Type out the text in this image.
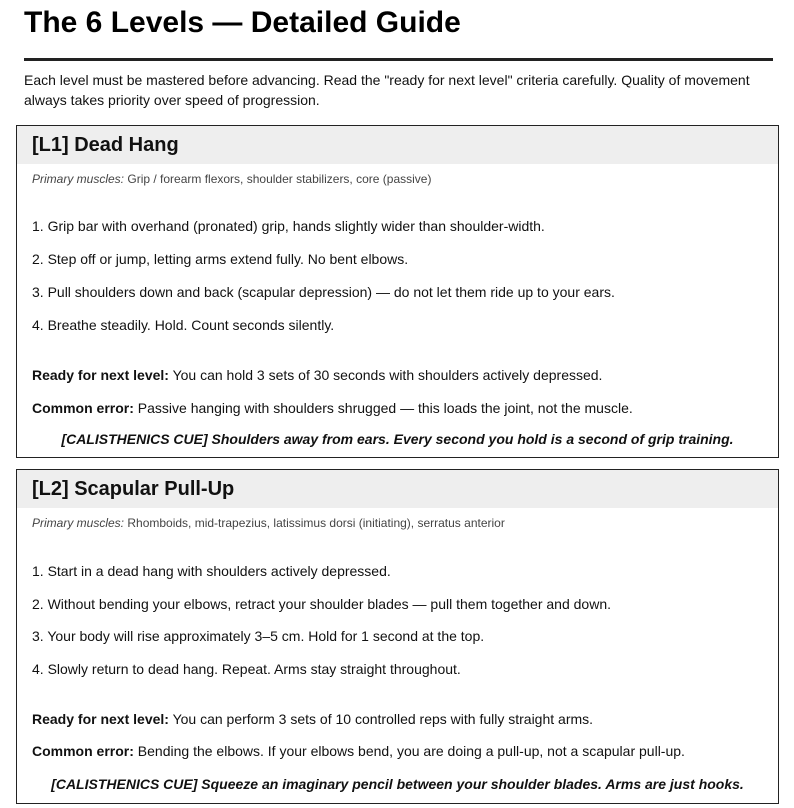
The 6 Levels — Detailed Guide

Each level must be mastered before advancing. Read the "ready for next level" criteria carefully. Quality of movement always takes priority over speed of progression.

[L1] Dead Hang
Primary muscles: Grip / forearm flexors, shoulder stabilizers, core (passive)
1. Grip bar with overhand (pronated) grip, hands slightly wider than shoulder-width.
2. Step off or jump, letting arms extend fully. No bent elbows.
3. Pull shoulders down and back (scapular depression) — do not let them ride up to your ears.
4. Breathe steadily. Hold. Count seconds silently.
Ready for next level: You can hold 3 sets of 30 seconds with shoulders actively depressed.
Common error: Passive hanging with shoulders shrugged — this loads the joint, not the muscle.
[CALISTHENICS CUE] Shoulders away from ears. Every second you hold is a second of grip training.
[L2] Scapular Pull-Up
Primary muscles: Rhomboids, mid-trapezius, latissimus dorsi (initiating), serratus anterior
1. Start in a dead hang with shoulders actively depressed.
2. Without bending your elbows, retract your shoulder blades — pull them together and down.
3. Your body will rise approximately 3–5 cm. Hold for 1 second at the top.
4. Slowly return to dead hang. Repeat. Arms stay straight throughout.
Ready for next level: You can perform 3 sets of 10 controlled reps with fully straight arms.
Common error: Bending the elbows. If your elbows bend, you are doing a pull-up, not a scapular pull-up.
[CALISTHENICS CUE] Squeeze an imaginary pencil between your shoulder blades. Arms are just hooks.
